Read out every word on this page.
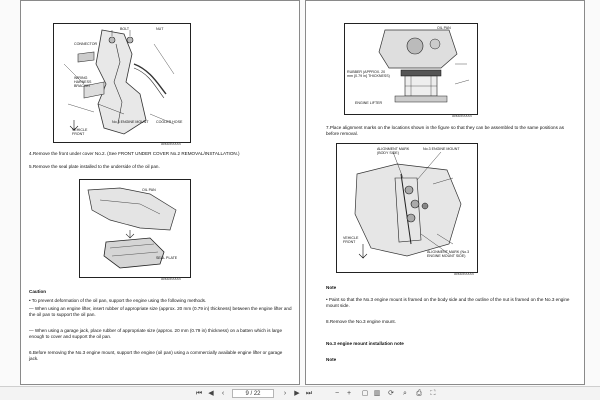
BOLT	NUT
CONNECTOR
WIRING HARNESS BRACKET
No.3 ENGINE MOUNT COOLER HOSE
VEHICLE FRONT
acfuuw00000
4.Remove the front under cover No.2. (See FRONT UNDER COVER No.2 REMOVAL/INSTALLATION.)
5.Remove the seal plate installed to the underside of the oil pan.
OIL PAN
SEAL PLATE
acfuuw00000
Caution
• To prevent deformation of the oil pan, support the engine using the following methods.
— When using an engine lifter, insert rubber of appropriate size (approx. 20 mm (0.79 in) thickness) between the engine lifter and the oil pan to support the oil pan.
— When using a garage jack, place rubber of appropriate size (approx. 20 mm (0.79 in) thickness) on a batten which is large enough to cover and support the oil pan.
6.Before removing the No.3 engine mount, support the engine (oil pan) using a commercially available engine lifter or garage jack.
OIL PAN
RUBBER (APPROX. 20 mm {0.79 in} THICKNESS)
ENGINE LIFTER
acfuuw00000
7.Place alignment marks on the locations shown in the figure so that they can be assembled to the same positions as before removal.
ALIGNMENT MARK (BODY SIDE)
No.3 ENGINE MOUNT
VEHICLE FRONT
ALIGNMENT MARK (No.3 ENGINE MOUNT SIDE)
acfuuw00000
Note
• Paint so that the No.3 engine mount is framed on the body side and the outline of the nut is framed on the No.3 engine mount side.
8.Remove the No.3 engine mount.
No.3 engine mount installation note
Note
⏮ ◀	‹	9 / 22	›	▶ ⏭	−	+	▢ ▥ ⟳	⌕	⎙	⛶
